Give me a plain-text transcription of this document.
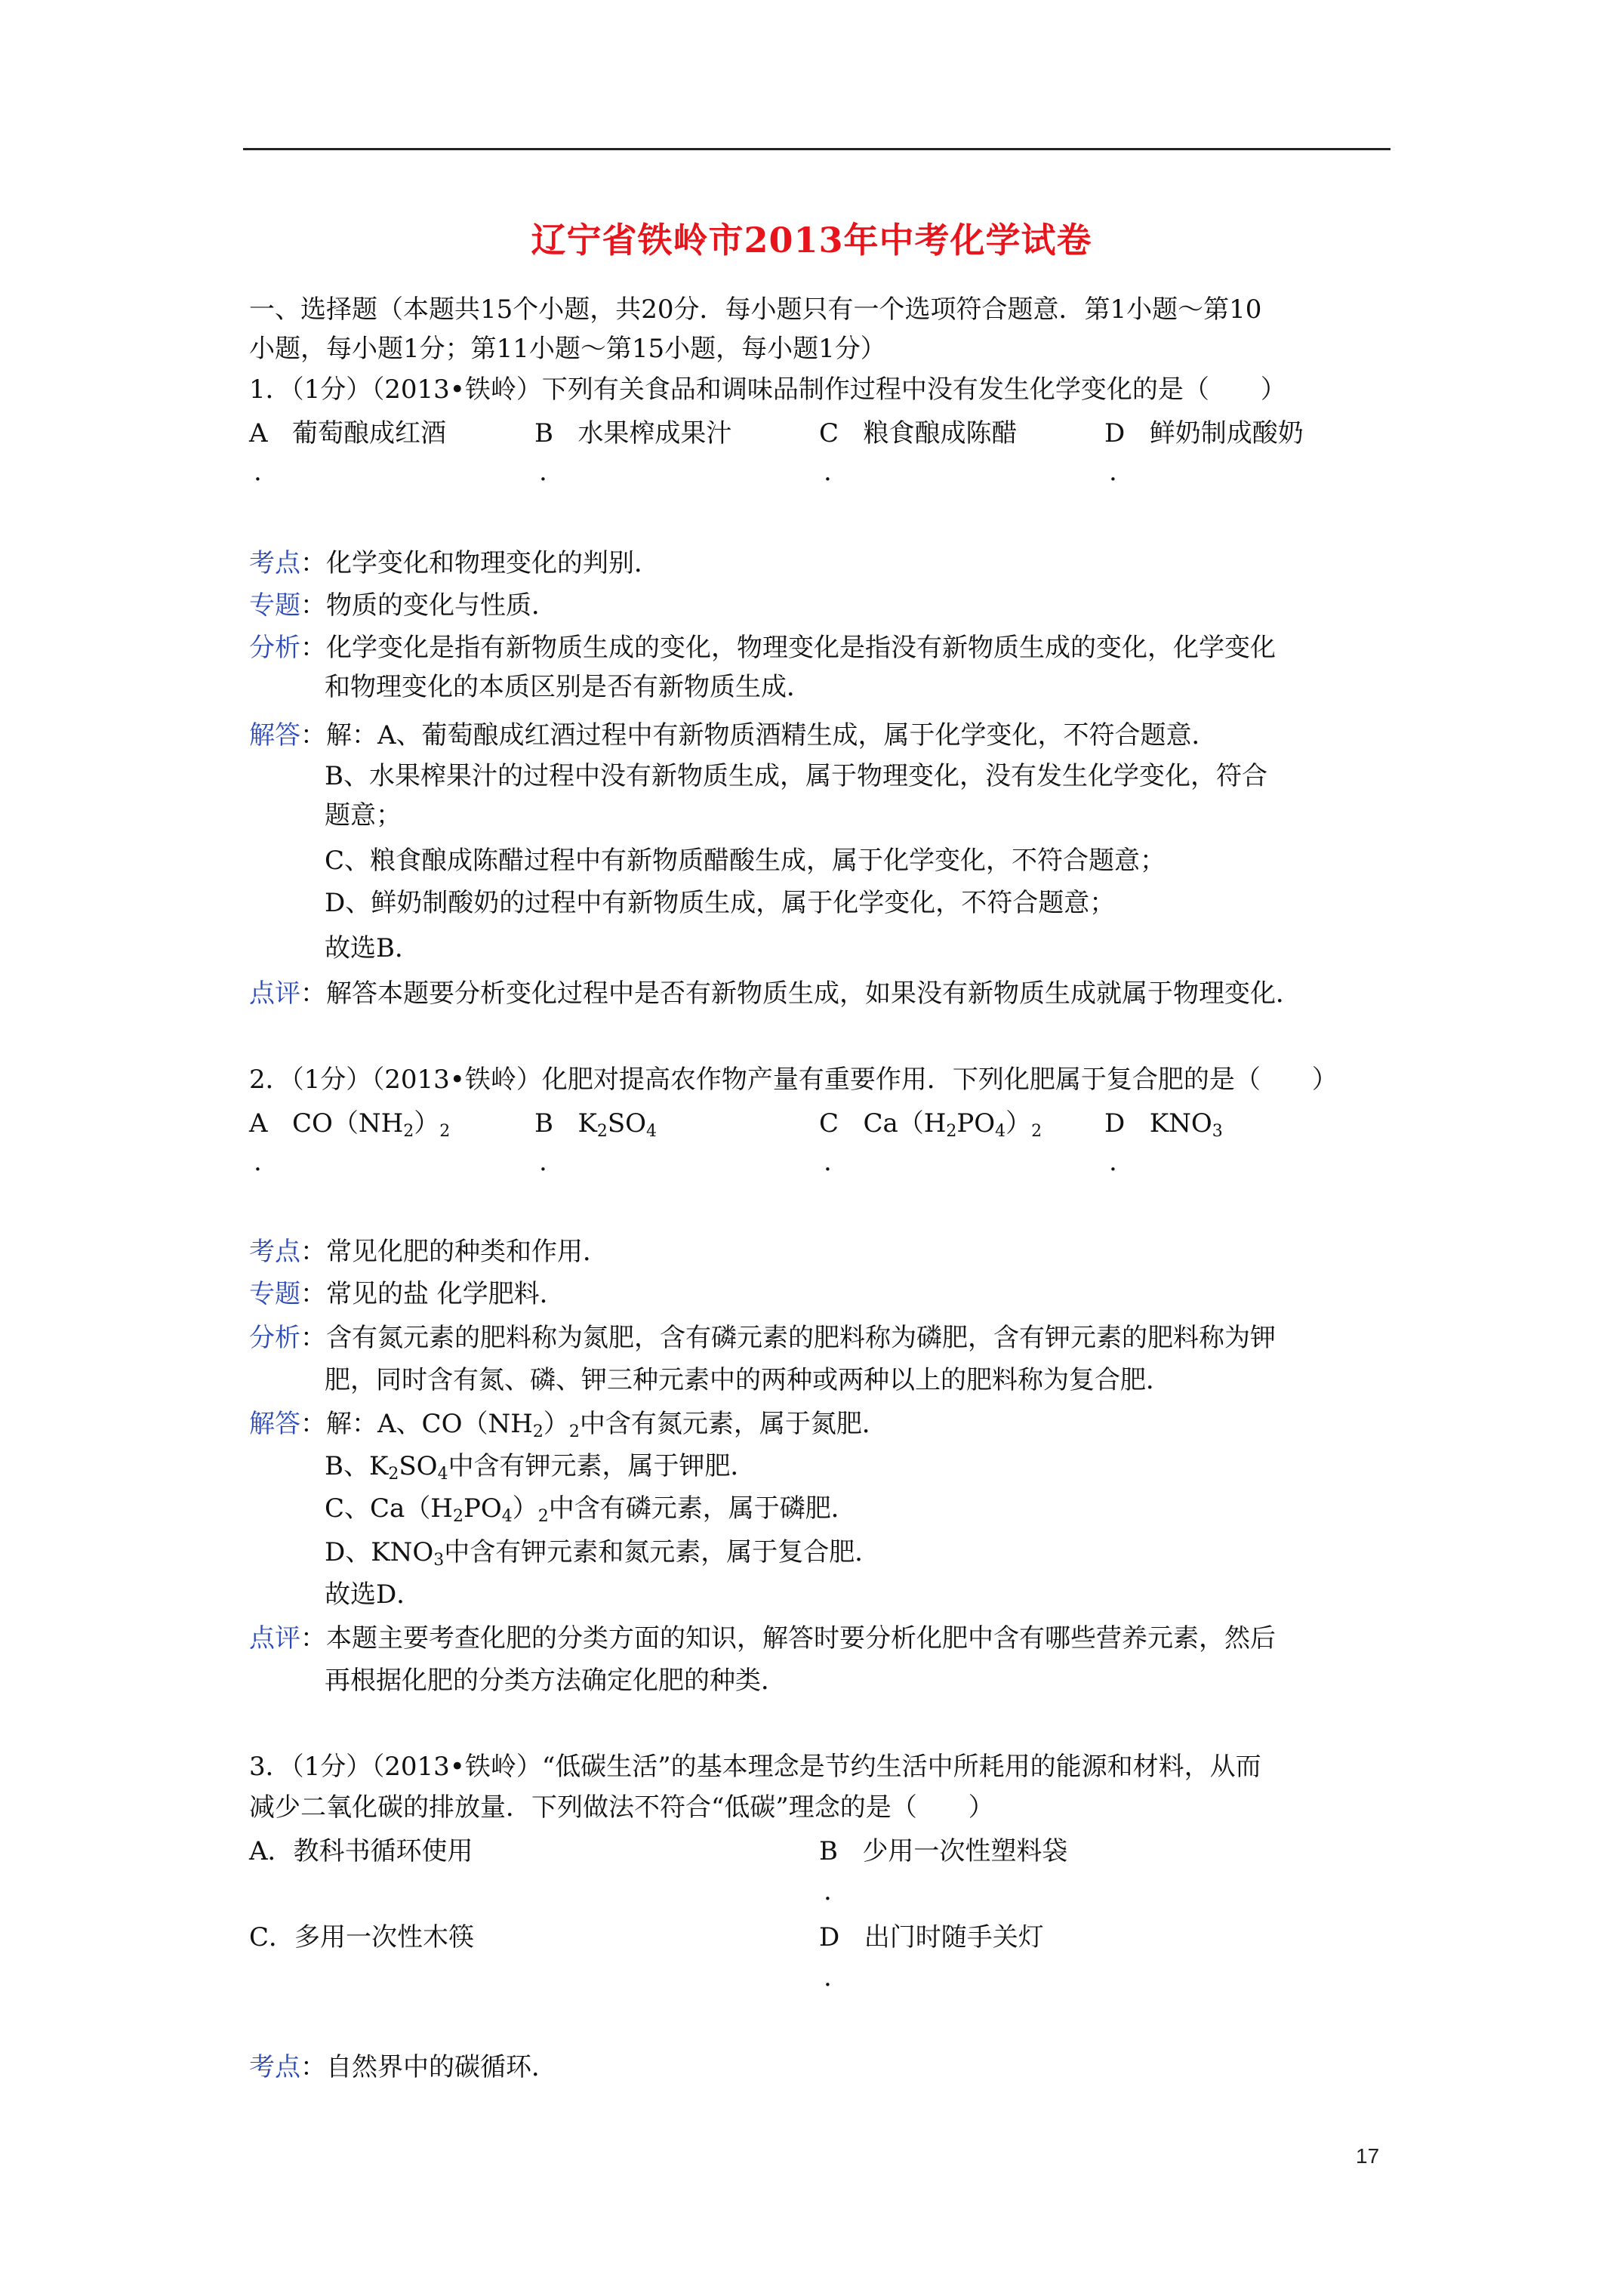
辽宁省铁岭市2013年中考化学试卷
一、选择题（本题共15个小题，共20分．每小题只有一个选项符合题意．第1小题～第10
小题，每小题1分；第11小题～第15小题，每小题1分）
1．（1分）（2013•铁岭）下列有关食品和调味品制作过程中没有发生化学变化的是（　　）
A 葡萄酿成红酒	B 水果榨成果汁	C 粮食酿成陈醋	D 鲜奶制成酸奶
.	.	.	.
考点：化学变化和物理变化的判别．
专题：物质的变化与性质．
分析：化学变化是指有新物质生成的变化，物理变化是指没有新物质生成的变化，化学变化
和物理变化的本质区别是否有新物质生成．
解答：解：A、葡萄酿成红酒过程中有新物质酒精生成，属于化学变化，不符合题意．
B、水果榨果汁的过程中没有新物质生成，属于物理变化，没有发生化学变化，符合
题意；
C、粮食酿成陈醋过程中有新物质醋酸生成，属于化学变化，不符合题意；
D、鲜奶制酸奶的过程中有新物质生成，属于化学变化，不符合题意；
故选B．
点评：解答本题要分析变化过程中是否有新物质生成，如果没有新物质生成就属于物理变化．
2．（1分）（2013•铁岭）化肥对提高农作物产量有重要作用．下列化肥属于复合肥的是（　　）
A $CO(NH_2)_2$	B $K_2SO_4$	C $Ca(H_2PO_4)_2$ D $KNO_3$
.	.	.	.
考点：常见化肥的种类和作用．
专题：常见的盐 化学肥料．
分析：含有氮元素的肥料称为氮肥，含有磷元素的肥料称为磷肥，含有钾元素的肥料称为钾
肥，同时含有氮、磷、钾三种元素中的两种或两种以上的肥料称为复合肥．
解答：解：A、$CO(NH_2)_2$中含有氮元素，属于氮肥．
B、$K_2SO_4$中含有钾元素，属于钾肥．
C、$Ca(H_2PO_4)_2$中含有磷元素，属于磷肥．
D、$KNO_3$中含有钾元素和氮元素，属于复合肥．
故选D．
点评：本题主要考查化肥的分类方面的知识，解答时要分析化肥中含有哪些营养元素，然后
再根据化肥的分类方法确定化肥的种类．
3．（1分）（2013•铁岭）“低碳生活”的基本理念是节约生活中所耗用的能源和材料，从而
减少二氧化碳的排放量．下列做法不符合“低碳”理念的是（　　）
A．教科书循环使用	B 少用一次性塑料袋
.
C．多用一次性木筷	D 出门时随手关灯
.
考点：自然界中的碳循环．
17
